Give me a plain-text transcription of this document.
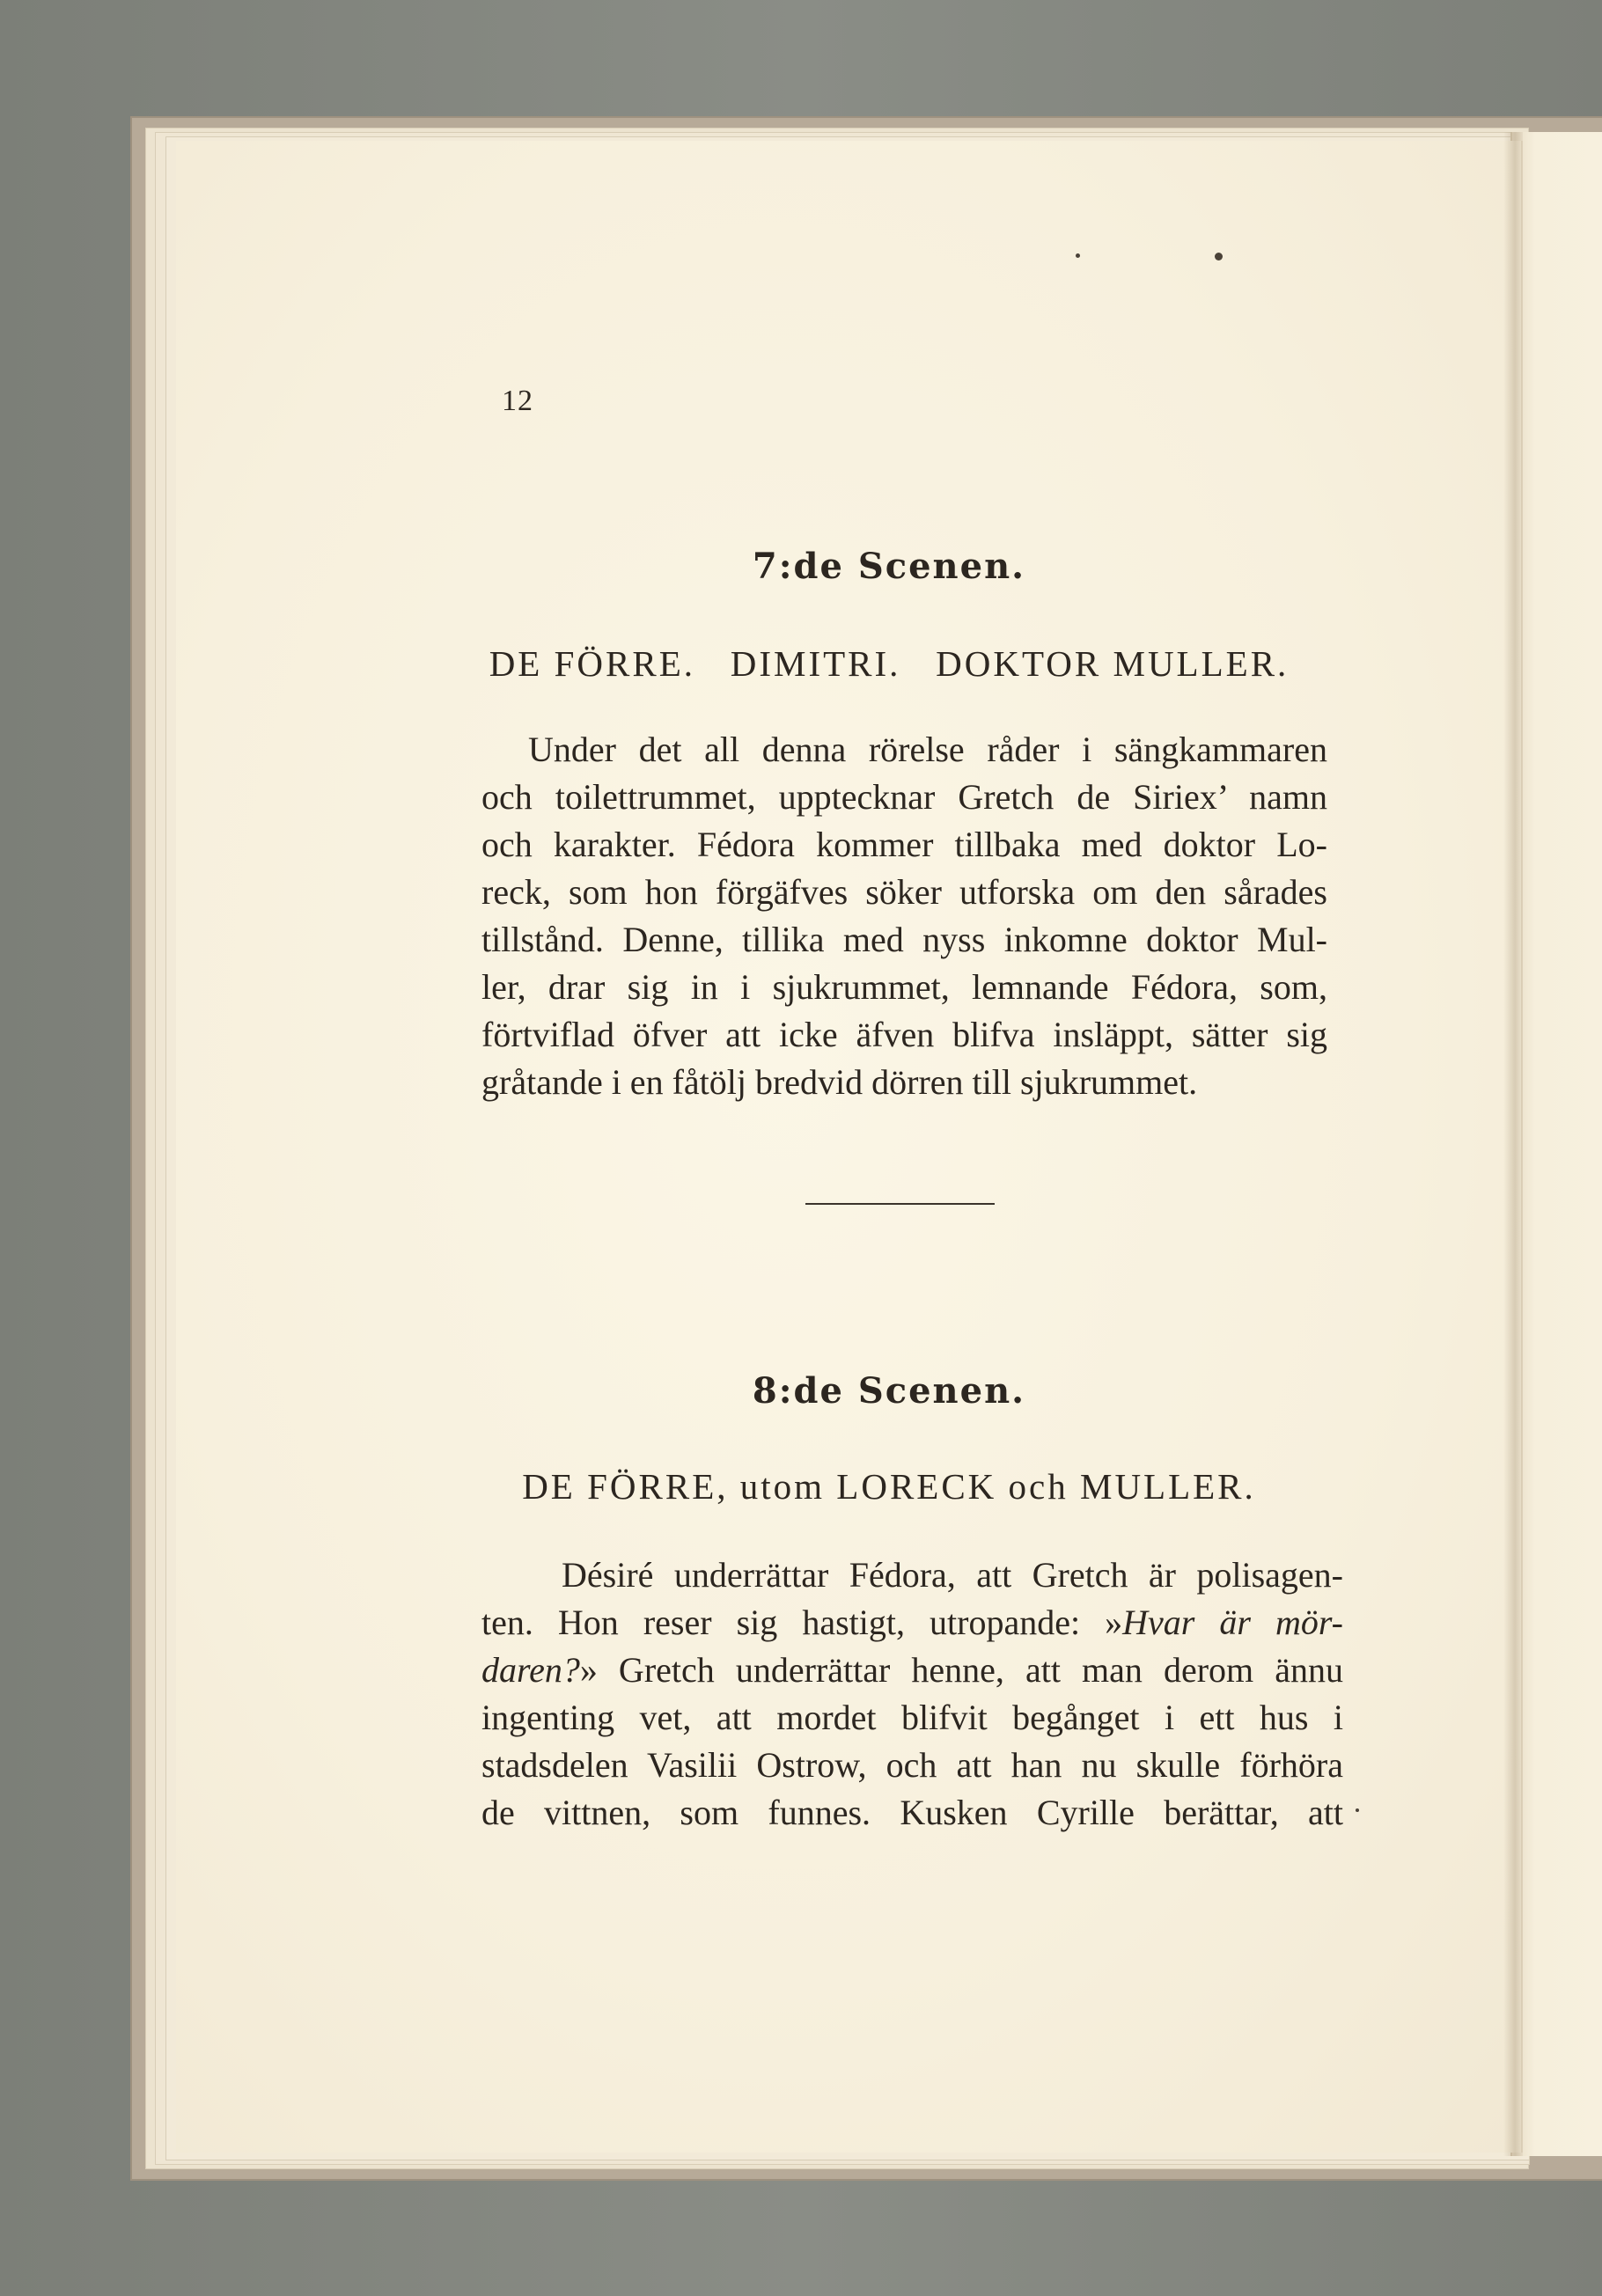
12
7:de Scenen.
DE FÖRRE.   DIMITRI.   DOKTOR MULLER.
Under det all denna rörelse råder i sängkammaren
och toilettrummet, upptecknar Gretch de Siriex’ namn
och karakter. Fédora kommer tillbaka med doktor Lo-
reck, som hon förgäfves söker utforska om den sårades
tillstånd. Denne, tillika med nyss inkomne doktor Mul-
ler, drar sig in i sjukrummet, lemnande Fédora, som,
förtviflad öfver att icke äfven blifva insläppt, sätter sig
gråtande i en fåtölj bredvid dörren till sjukrummet.
8:de Scenen.
DE FÖRRE, utom LORECK och MULLER.
Désiré underrättar Fédora, att Gretch är polisagen-
ten. Hon reser sig hastigt, utropande: »Hvar är mör-
daren?» Gretch underrättar henne, att man derom ännu
ingenting vet, att mordet blifvit begånget i ett hus i
stadsdelen Vasilii Ostrow, och att han nu skulle förhöra
de vittnen, som funnes. Kusken Cyrille berättar, att
